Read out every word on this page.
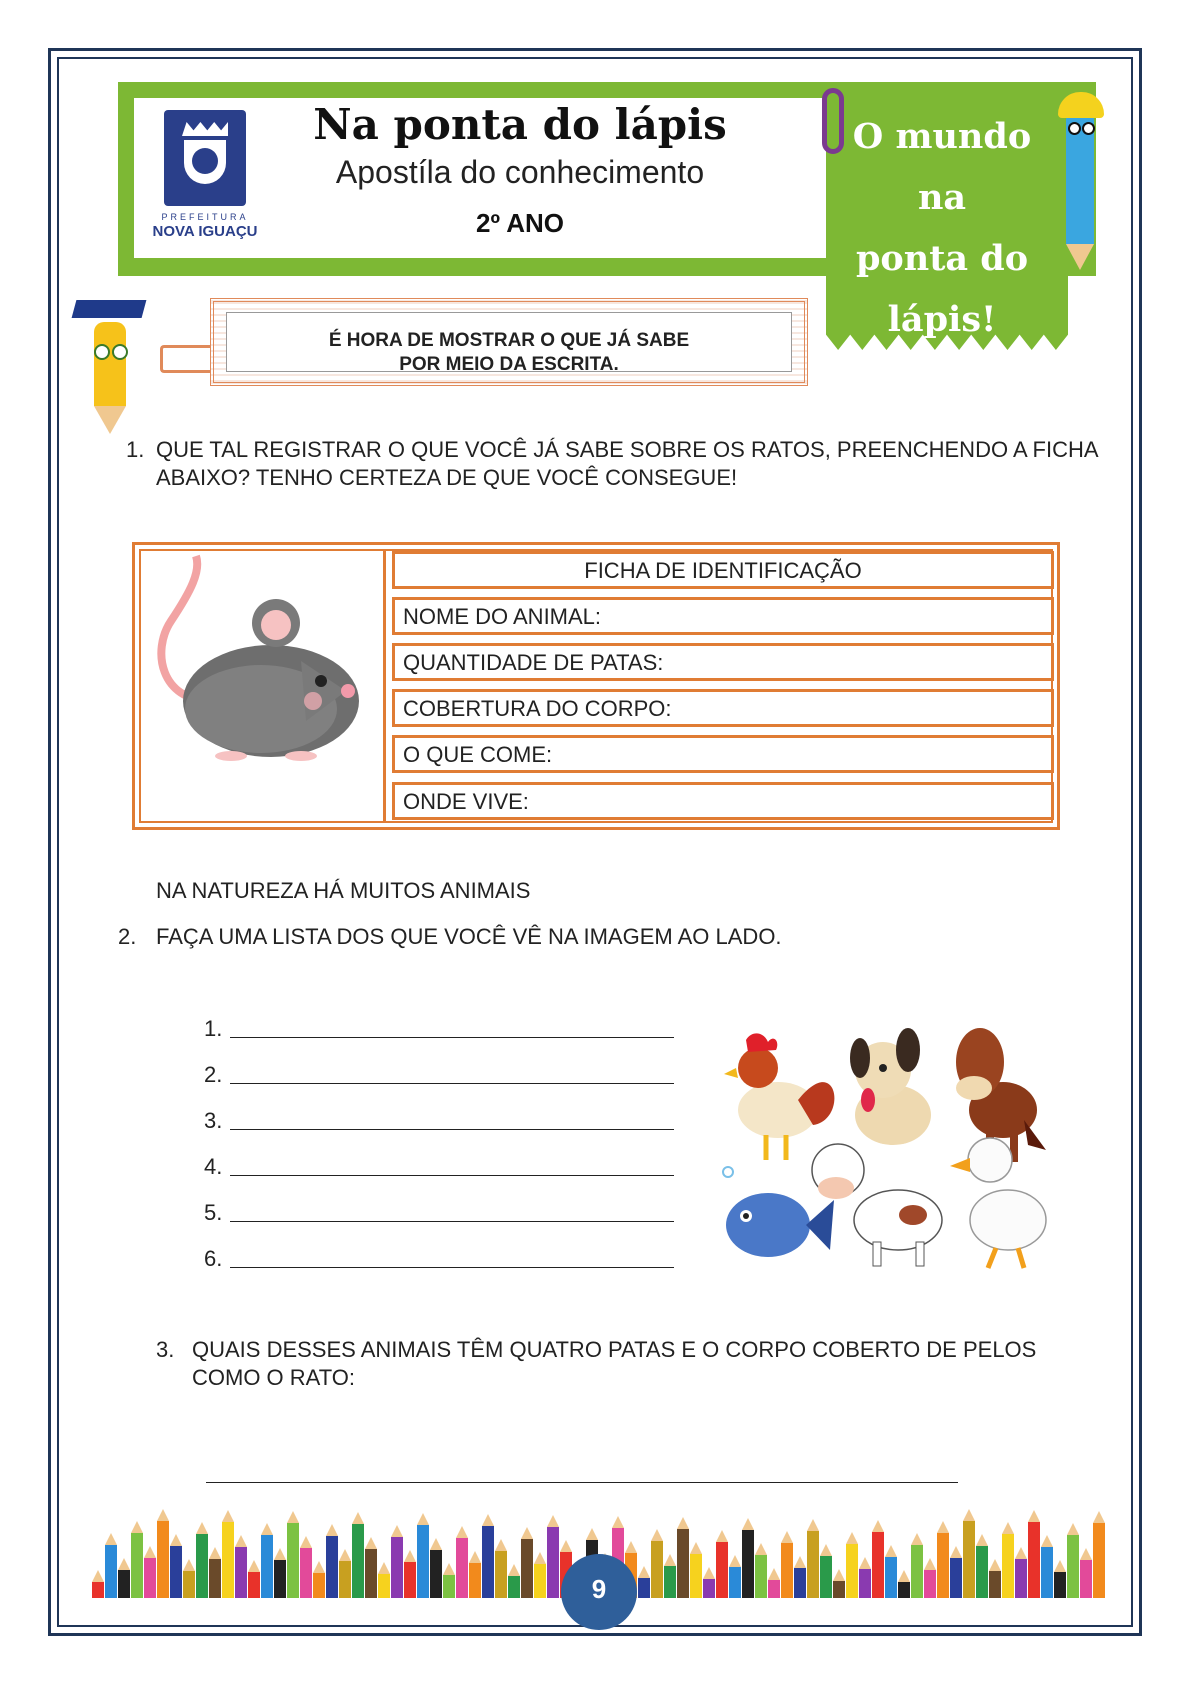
PREFEITURA
NOVA IGUAÇU
Na ponta do lápis
Apostíla do conhecimento
2º ANO
O mundo
na
ponta do
lápis!
É HORA DE MOSTRAR O QUE JÁ SABE
POR MEIO DA ESCRITA.
1. QUE TAL REGISTRAR O QUE VOCÊ JÁ SABE SOBRE OS RATOS, PREENCHENDO A FICHA ABAIXO? TENHO CERTEZA DE QUE VOCÊ CONSEGUE!
FICHA DE IDENTIFICAÇÃO
NOME DO ANIMAL:
QUANTIDADE DE PATAS:
COBERTURA DO CORPO:
O QUE COME:
ONDE VIVE:
NA NATUREZA HÁ MUITOS ANIMAIS
2. FAÇA UMA LISTA DOS QUE VOCÊ VÊ NA IMAGEM AO LADO.
1.
2.
3.
4.
5.
6.
3. QUAIS DESSES ANIMAIS TÊM QUATRO PATAS E O CORPO COBERTO DE PELOS COMO O RATO:
9
